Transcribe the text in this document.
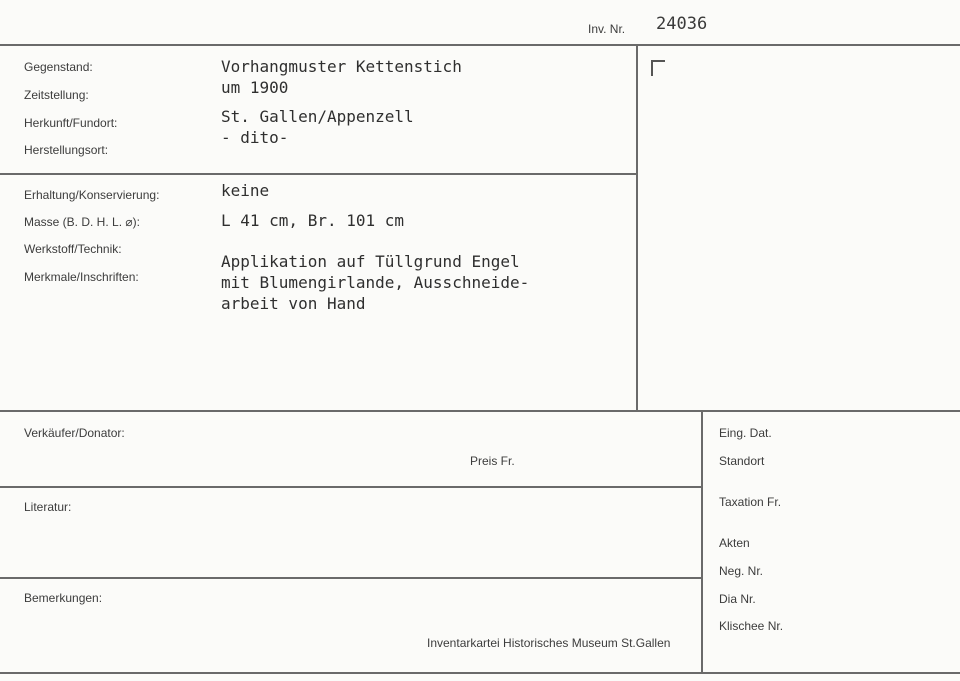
Inv. Nr. 24036
Gegenstand:
Zeitstellung:
Herkunft/Fundort:
Herstellungsort:
Vorhangmuster Kettenstich
um 1900
St. Gallen/Appenzell
- dito-
Erhaltung/Konservierung:
Masse (B. D. H. L. ⌀):
Werkstoff/Technik:
Merkmale/Inschriften:
keine
L 41 cm, Br. 101 cm
Applikation auf Tüllgrund Engel
mit Blumengirlande, Ausschneide-
arbeit von Hand
Verkäufer/Donator:
Preis Fr.
Literatur:
Bemerkungen:
Inventarkartei Historisches Museum St.Gallen
Eing. Dat.
Standort
Taxation Fr.
Akten
Neg. Nr.
Dia Nr.
Klischee Nr.
